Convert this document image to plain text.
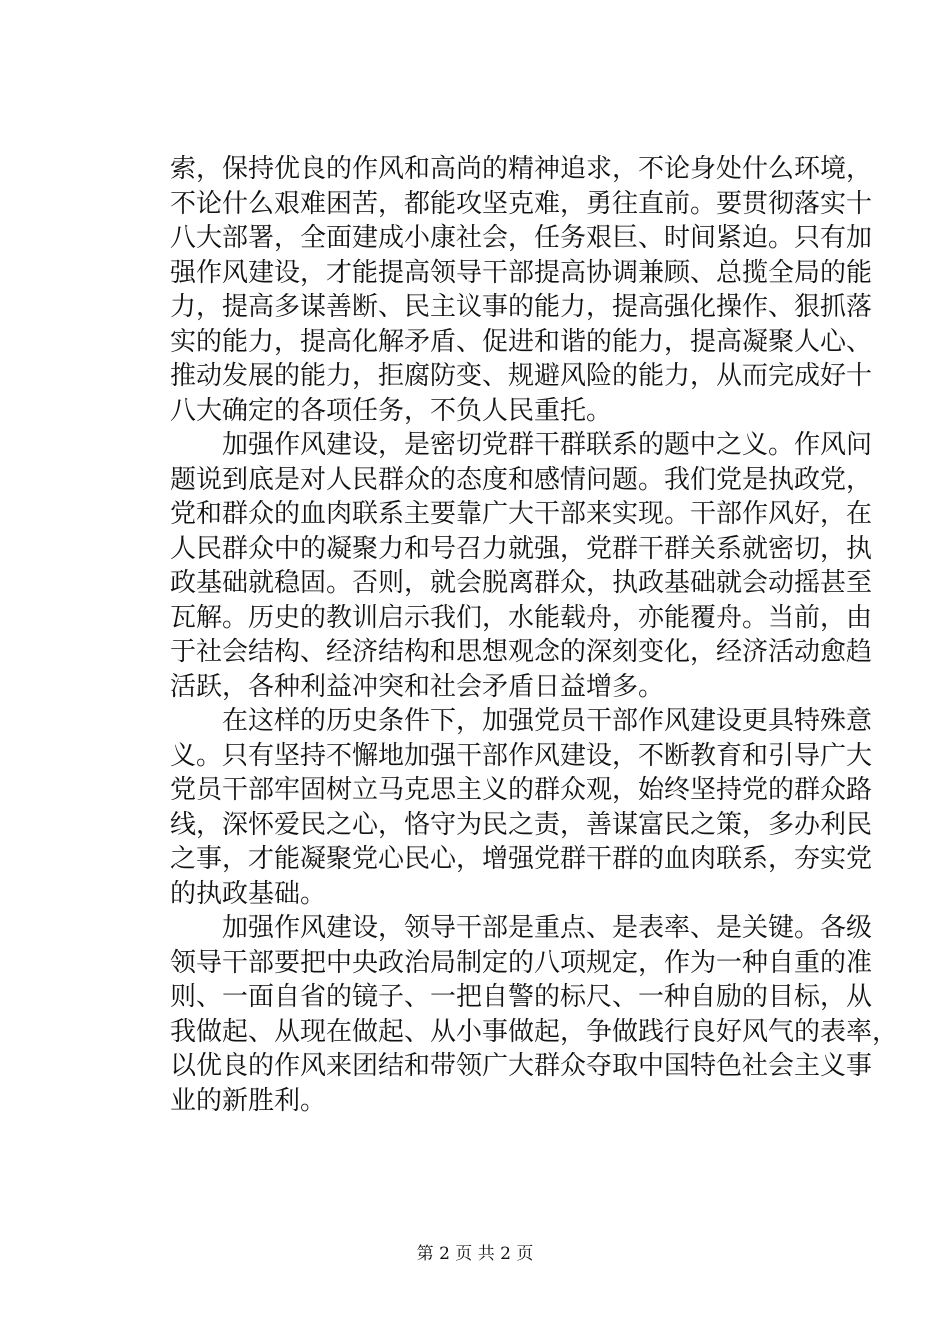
索，保持优良的作风和高尚的精神追求，不论身处什么环境，
不论什么艰难困苦，都能攻坚克难，勇往直前。要贯彻落实十
八大部署，全面建成小康社会，任务艰巨、时间紧迫。只有加
强作风建设，才能提高领导干部提高协调兼顾、总揽全局的能
力，提高多谋善断、民主议事的能力，提高强化操作、狠抓落
实的能力，提高化解矛盾、促进和谐的能力，提高凝聚人心、
推动发展的能力，拒腐防变、规避风险的能力，从而完成好十
八大确定的各项任务，不负人民重托。
　　加强作风建设，是密切党群干群联系的题中之义。作风问
题说到底是对人民群众的态度和感情问题。我们党是执政党，
党和群众的血肉联系主要靠广大干部来实现。干部作风好，在
人民群众中的凝聚力和号召力就强，党群干群关系就密切，执
政基础就稳固。否则，就会脱离群众，执政基础就会动摇甚至
瓦解。历史的教训启示我们，水能载舟，亦能覆舟。当前，由
于社会结构、经济结构和思想观念的深刻变化，经济活动愈趋
活跃，各种利益冲突和社会矛盾日益增多。
　　在这样的历史条件下，加强党员干部作风建设更具特殊意
义。只有坚持不懈地加强干部作风建设，不断教育和引导广大
党员干部牢固树立马克思主义的群众观，始终坚持党的群众路
线，深怀爱民之心，恪守为民之责，善谋富民之策，多办利民
之事，才能凝聚党心民心，增强党群干群的血肉联系，夯实党
的执政基础。
　　加强作风建设，领导干部是重点、是表率、是关键。各级
领导干部要把中央政治局制定的八项规定，作为一种自重的准
则、一面自省的镜子、一把自警的标尺、一种自励的目标，从
我做起、从现在做起、从小事做起，争做践行良好风气的表率，
以优良的作风来团结和带领广大群众夺取中国特色社会主义事
业的新胜利。
第 2 页 共 2 页
